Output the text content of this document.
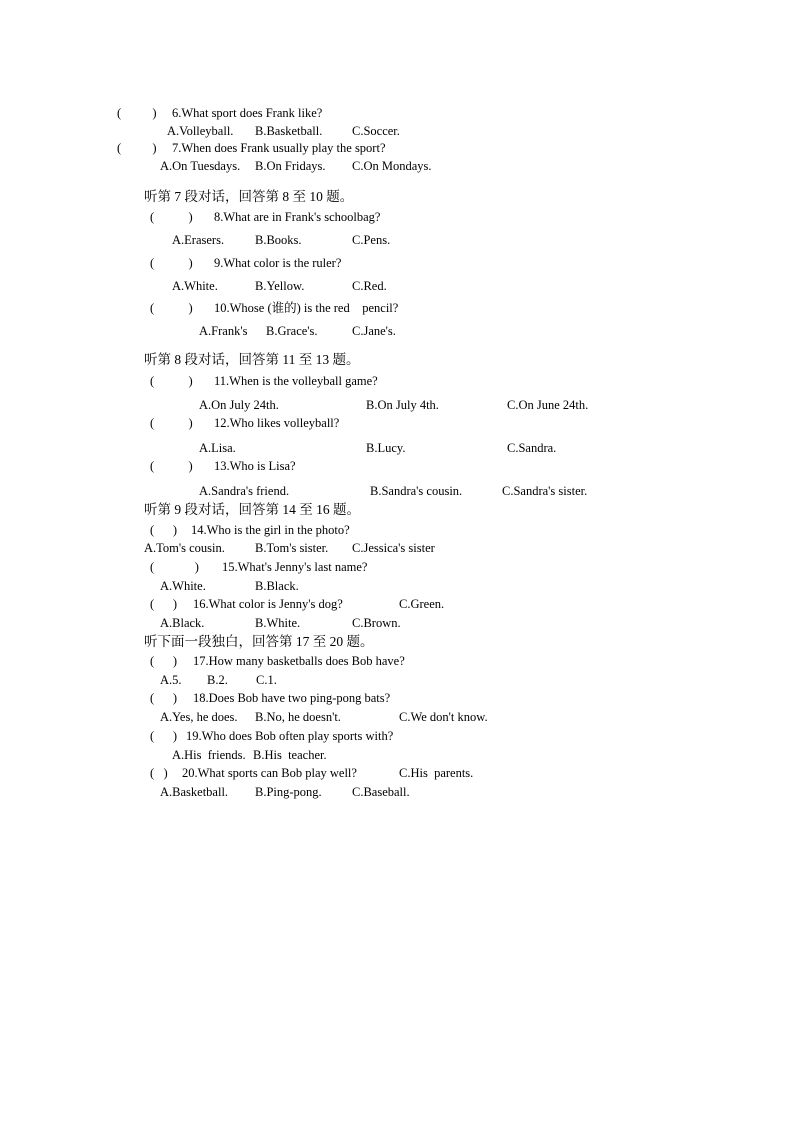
(          ) 6.What sport does Frank like?
A.Volleyball. B.Basketball. C.Soccer.
(          ) 7.When does Frank usually play the sport?
A.On Tuesdays. B.On Fridays. C.On Mondays.
听第 7 段对话，回答第 8 至 10 题。
(           ) 8.What are in Frank's schoolbag?
A.Erasers. B.Books.	C.Pens.
(           ) 9.What color is the ruler?
A.White.	B.Yellow.	C.Red.
(           ) 10.Whose (谁的) is the red    pencil?
A.Frank's B.Grace's.	C.Jane's.
听第 8 段对话，回答第 11 至 13 题。
(           ) 11.When is the volleyball game?
A.On July 24th.	B.On July 4th.	C.On June 24th.
(           ) 12.Who likes volleyball?
A.Lisa.	B.Lucy.	C.Sandra.
(           ) 13.Who is Lisa?
A.Sandra's friend.	B.Sandra's cousin.	C.Sandra's sister.
听第 9 段对话，回答第 14 至 16 题。
(      ) 14.Who is the girl in the photo?
A.Tom's cousin. B.Tom's sister. C.Jessica's sister
(             ) 15.What's Jenny's last name?
A.White.	B.Black.
(      ) 16.What color is Jenny's dog?	C.Green.
A.Black.	B.White.	C.Brown.
听下面一段独白，回答第 17 至 20 题。
(      ) 17.How many basketballs does Bob have?
A.5. B.2. C.1.
(      ) 18.Does Bob have two ping-pong bats?
A.Yes, he does. B.No, he doesn't.	C.We don't know.
(      ) 19.Who does Bob often play sports with?
A.His  friends. B.His  teacher.
(   ) 20.What sports can Bob play well?	C.His  parents.
A.Basketball. B.Ping-pong. C.Baseball.
